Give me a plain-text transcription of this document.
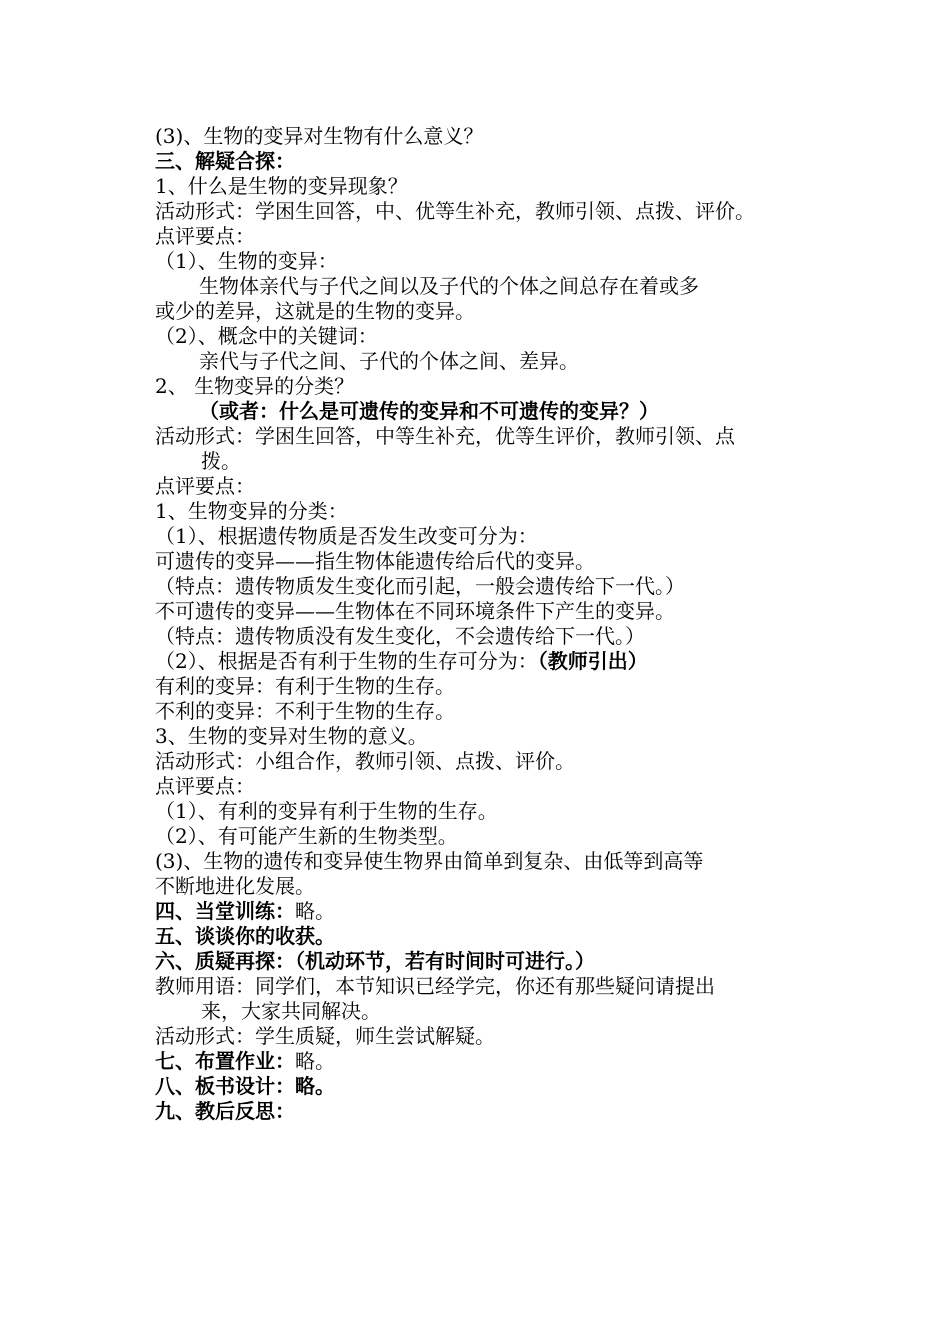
(3)、生物的变异对生物有什么意义？
三、解疑合探：
1、什么是生物的变异现象？
活动形式：学困生回答，中、优等生补充，教师引领、点拨、评价。
点评要点：
（1）、生物的变异：
生物体亲代与子代之间以及子代的个体之间总存在着或多
或少的差异，这就是的生物的变异。
（2）、概念中的关键词：
亲代与子代之间、子代的个体之间、差异。
2、 生物变异的分类？
（或者：什么是可遗传的变异和不可遗传的变异？）
活动形式：学困生回答，中等生补充，优等生评价，教师引领、点
拨。
点评要点：
1、生物变异的分类：
（1）、根据遗传物质是否发生改变可分为：
可遗传的变异——指生物体能遗传给后代的变异。
（特点：遗传物质发生变化而引起，一般会遗传给下一代。）
不可遗传的变异——生物体在不同环境条件下产生的变异。
（特点：遗传物质没有发生变化，不会遗传给下一代。）
（2）、根据是否有利于生物的生存可分为：（教师引出）
有利的变异：有利于生物的生存。
不利的变异：不利于生物的生存。
3、生物的变异对生物的意义。
活动形式：小组合作，教师引领、点拨、评价。
点评要点：
（1）、有利的变异有利于生物的生存。
（2）、有可能产生新的生物类型。
(3)、生物的遗传和变异使生物界由简单到复杂、由低等到高等
不断地进化发展。
四、当堂训练：略。
五、谈谈你的收获。
六、质疑再探：（机动环节，若有时间时可进行。）
教师用语：同学们，本节知识已经学完，你还有那些疑问请提出
来，大家共同解决。
活动形式：学生质疑，师生尝试解疑。
七、布置作业：略。
八、板书设计：略。
九、教后反思：
